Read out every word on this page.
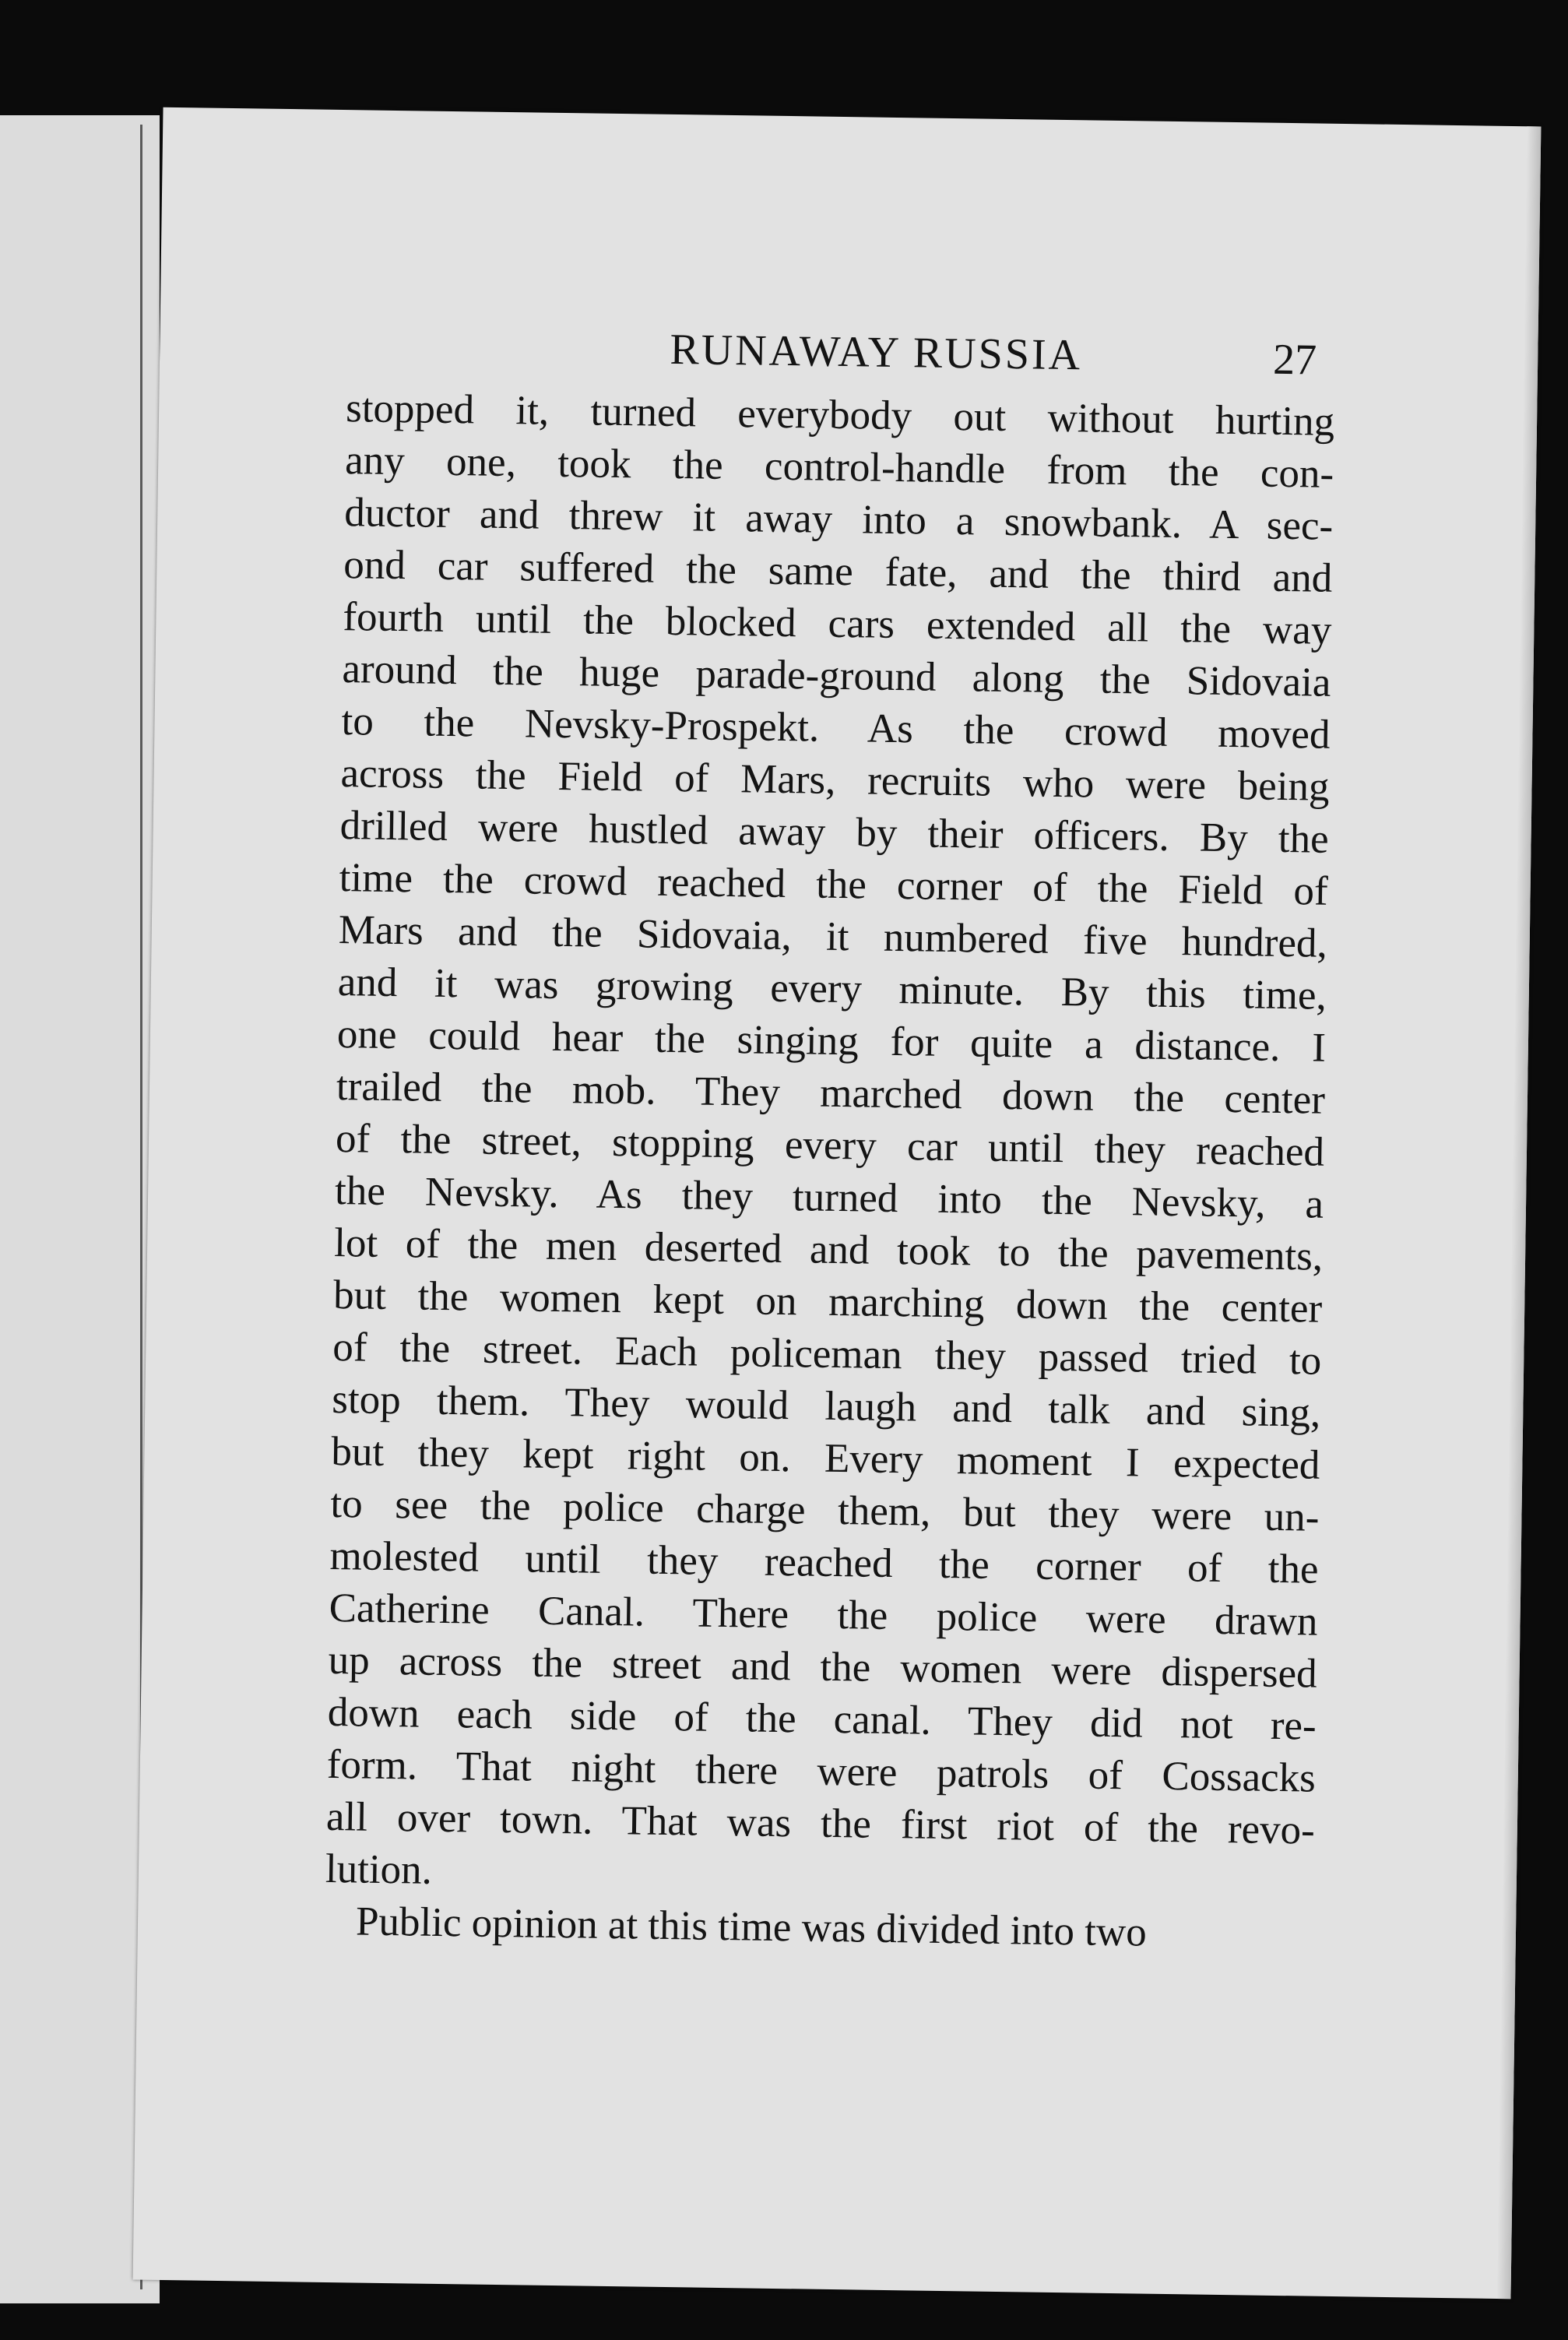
RUNAWAY RUSSIA	27
stopped it, turned everybody out without hurting
any one, took the control-handle from the con-
ductor and threw it away into a snowbank. A sec-
ond car suffered the same fate, and the third and
fourth until the blocked cars extended all the way
around the huge parade-ground along the Sidovaia
to the Nevsky-Prospekt. As the crowd moved
across the Field of Mars, recruits who were being
drilled were hustled away by their officers. By the
time the crowd reached the corner of the Field of
Mars and the Sidovaia, it numbered five hundred,
and it was growing every minute. By this time,
one could hear the singing for quite a distance. I
trailed the mob. They marched down the center
of the street, stopping every car until they reached
the Nevsky. As they turned into the Nevsky, a
lot of the men deserted and took to the pavements,
but the women kept on marching down the center
of the street. Each policeman they passed tried to
stop them. They would laugh and talk and sing,
but they kept right on. Every moment I expected
to see the police charge them, but they were un-
molested until they reached the corner of the
Catherine Canal. There the police were drawn
up across the street and the women were dispersed
down each side of the canal. They did not re-
form. That night there were patrols of Cossacks
all over town. That was the first riot of the revo-
lution.
Public opinion at this time was divided into two
